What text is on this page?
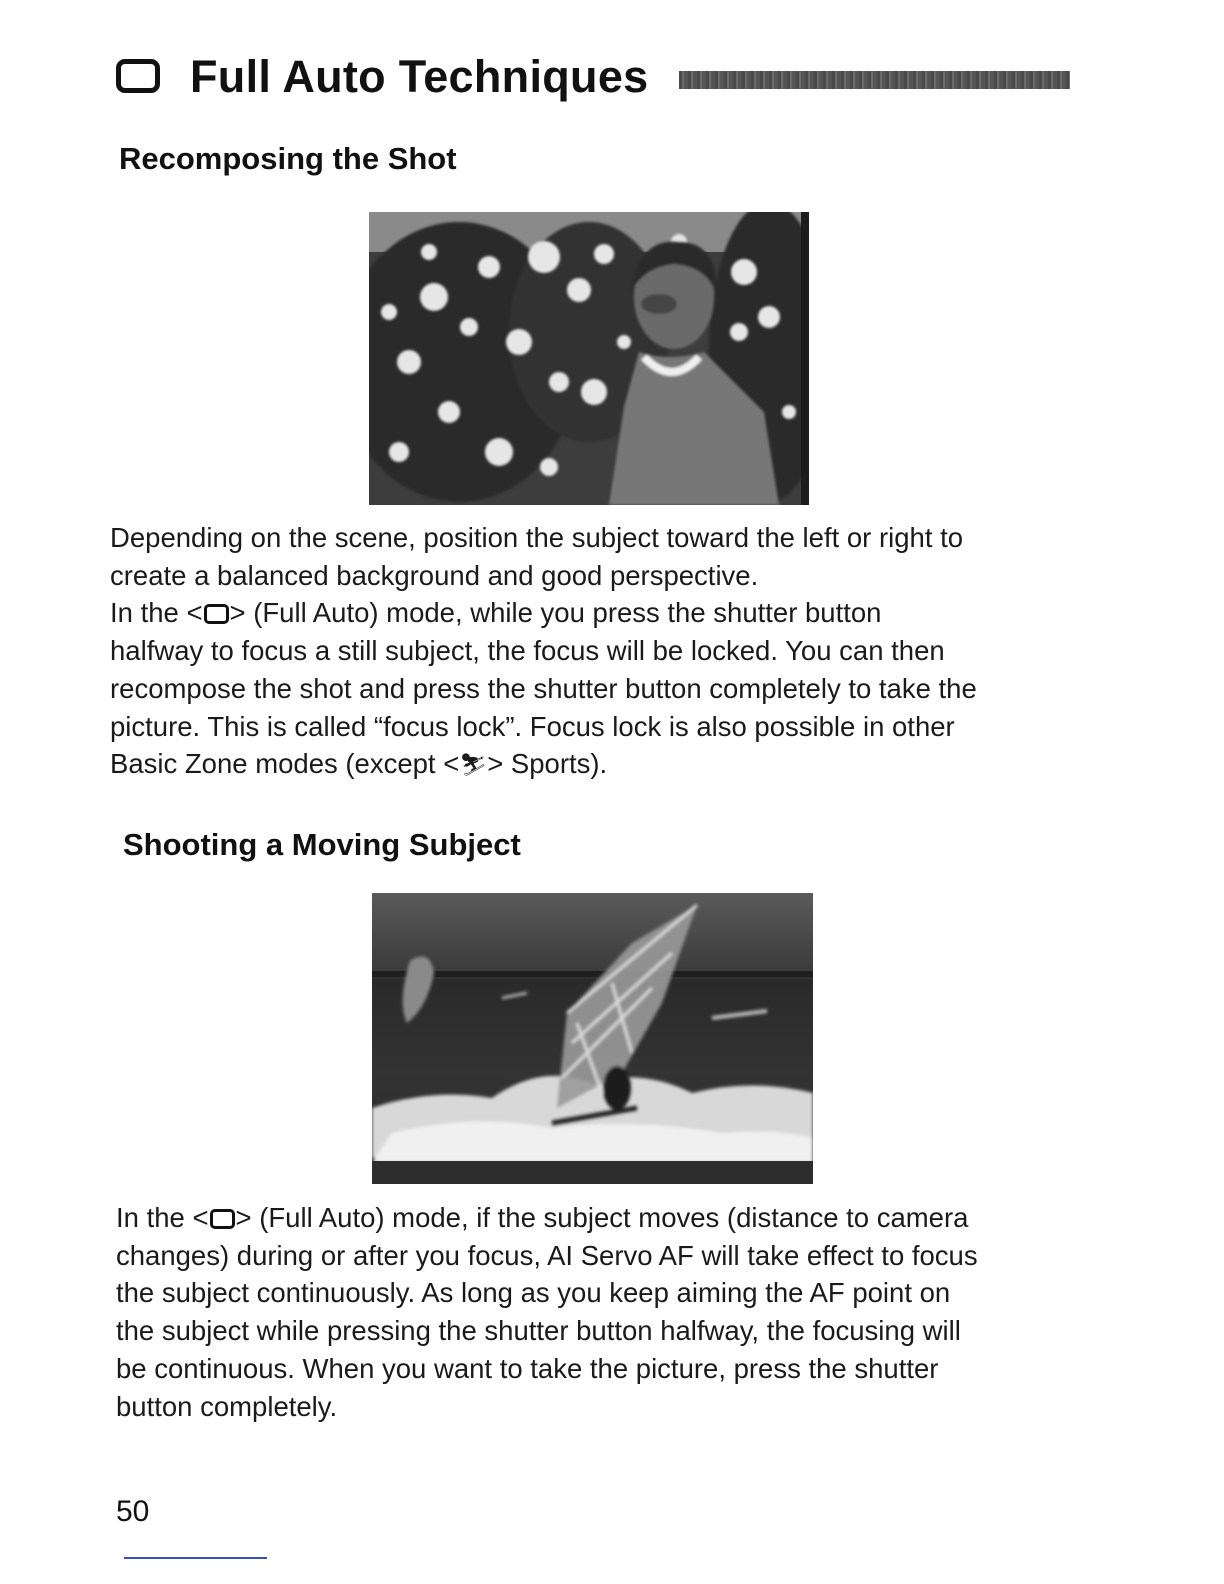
Full Auto Techniques
Recomposing the Shot
Depending on the scene, position the subject toward the left or right to
create a balanced background and good perspective.
In the < > (Full Auto) mode, while you press the shutter button
halfway to focus a still subject, the focus will be locked. You can then
recompose the shot and press the shutter button completely to take the
picture. This is called “focus lock”. Focus lock is also possible in other
Basic Zone modes (except <⛷> Sports).
Shooting a Moving Subject
In the < > (Full Auto) mode, if the subject moves (distance to camera
changes) during or after you focus, AI Servo AF will take effect to focus
the subject continuously. As long as you keep aiming the AF point on
the subject while pressing the shutter button halfway, the focusing will
be continuous. When you want to take the picture, press the shutter
button completely.
50
